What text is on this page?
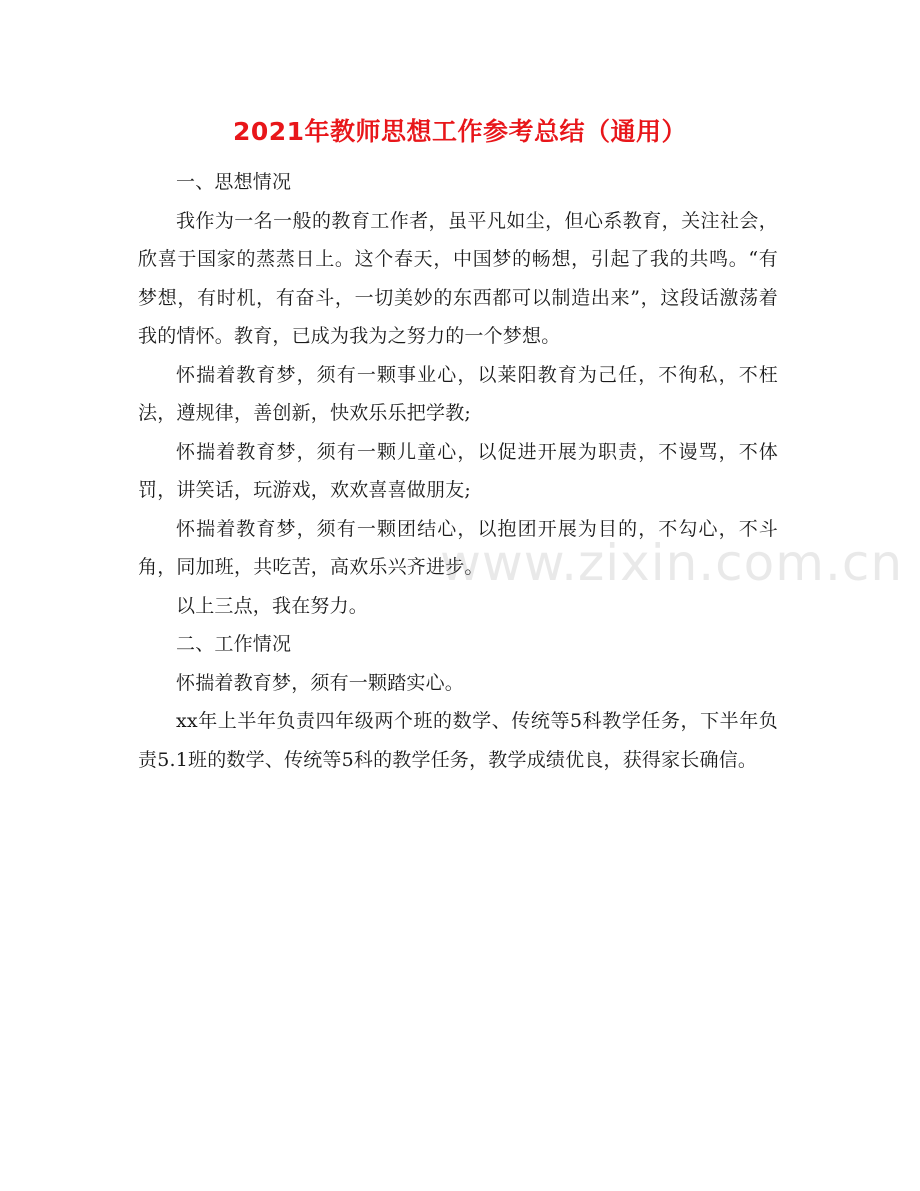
2021年教师思想工作参考总结（通用）

一、思想情况

我作为一名一般的教育工作者，虽平凡如尘，但心系教育，关注社会，欣喜于国家的蒸蒸日上。这个春天，中国梦的畅想，引起了我的共鸣。“有梦想，有时机，有奋斗，一切美妙的东西都可以制造出来”，这段话激荡着我的情怀。教育，已成为我为之努力的一个梦想。

怀揣着教育梦，须有一颗事业心，以莱阳教育为己任，不徇私，不枉法，遵规律，善创新，快欢乐乐把学教;

怀揣着教育梦，须有一颗儿童心，以促进开展为职责，不谩骂，不体罚，讲笑话，玩游戏，欢欢喜喜做朋友;

怀揣着教育梦，须有一颗团结心，以抱团开展为目的，不勾心，不斗角，同加班，共吃苦，高欢乐兴齐进步。

以上三点，我在努力。

二、工作情况

怀揣着教育梦，须有一颗踏实心。

xx年上半年负责四年级两个班的数学、传统等5科教学任务，下半年负责5.1班的数学、传统等5科的教学任务，教学成绩优良，获得家长确信。

www.zixin.com.cn
